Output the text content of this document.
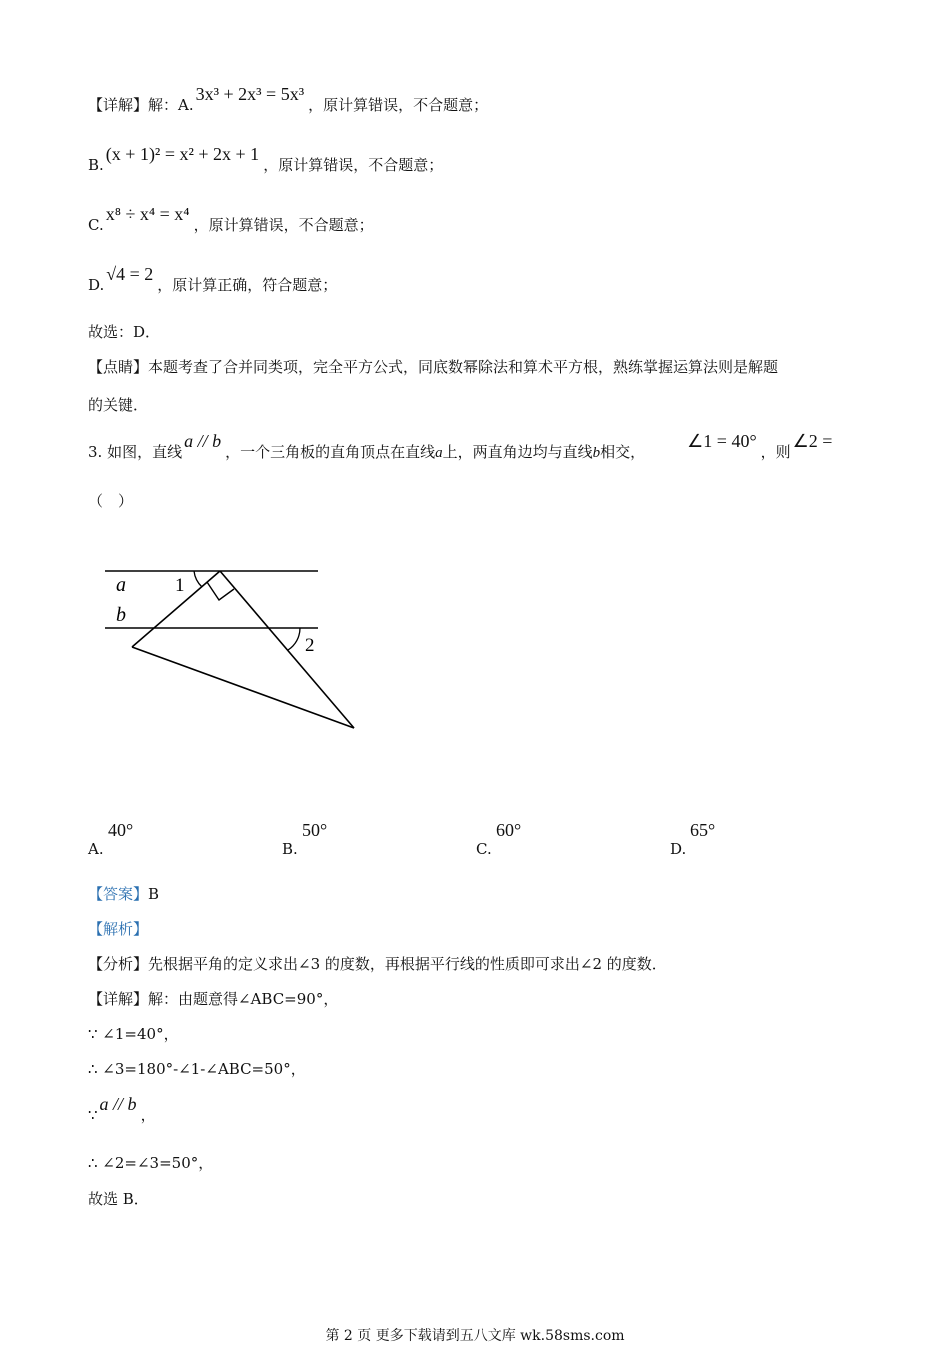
【详解】解：A.3x³ + 2x³ = 5x³，原计算错误，不合题意；
B.(x + 1)² = x² + 2x + 1，原计算错误，不合题意；
C.x⁸ ÷ x⁴ = x⁴，原计算错误，不合题意；
D.√4 = 2，原计算正确，符合题意；
故选：D．
【点睛】本题考查了合并同类项，完全平方公式，同底数幂除法和算术平方根，熟练掌握运算法则是解题
的关键．
3. 如图，直线a // b，一个三角板的直角顶点在直线a上，两直角边均与直线b相交，∠1 = 40°，则∠2 =
（　）
a
b
1
2
A.
40°
B.
50°
C.
60°
D.
65°
【答案】B
【解析】
【分析】先根据平角的定义求出∠3 的度数，再根据平行线的性质即可求出∠2 的度数．
【详解】解：由题意得∠ABC=90°，
∵ ∠1=40°，
∴ ∠3=180°-∠1-∠ABC=50°，
∵a // b，
∴ ∠2=∠3=50°，
故选 B．
第 2 页 更多下载请到五八文库 wk.58sms.com
